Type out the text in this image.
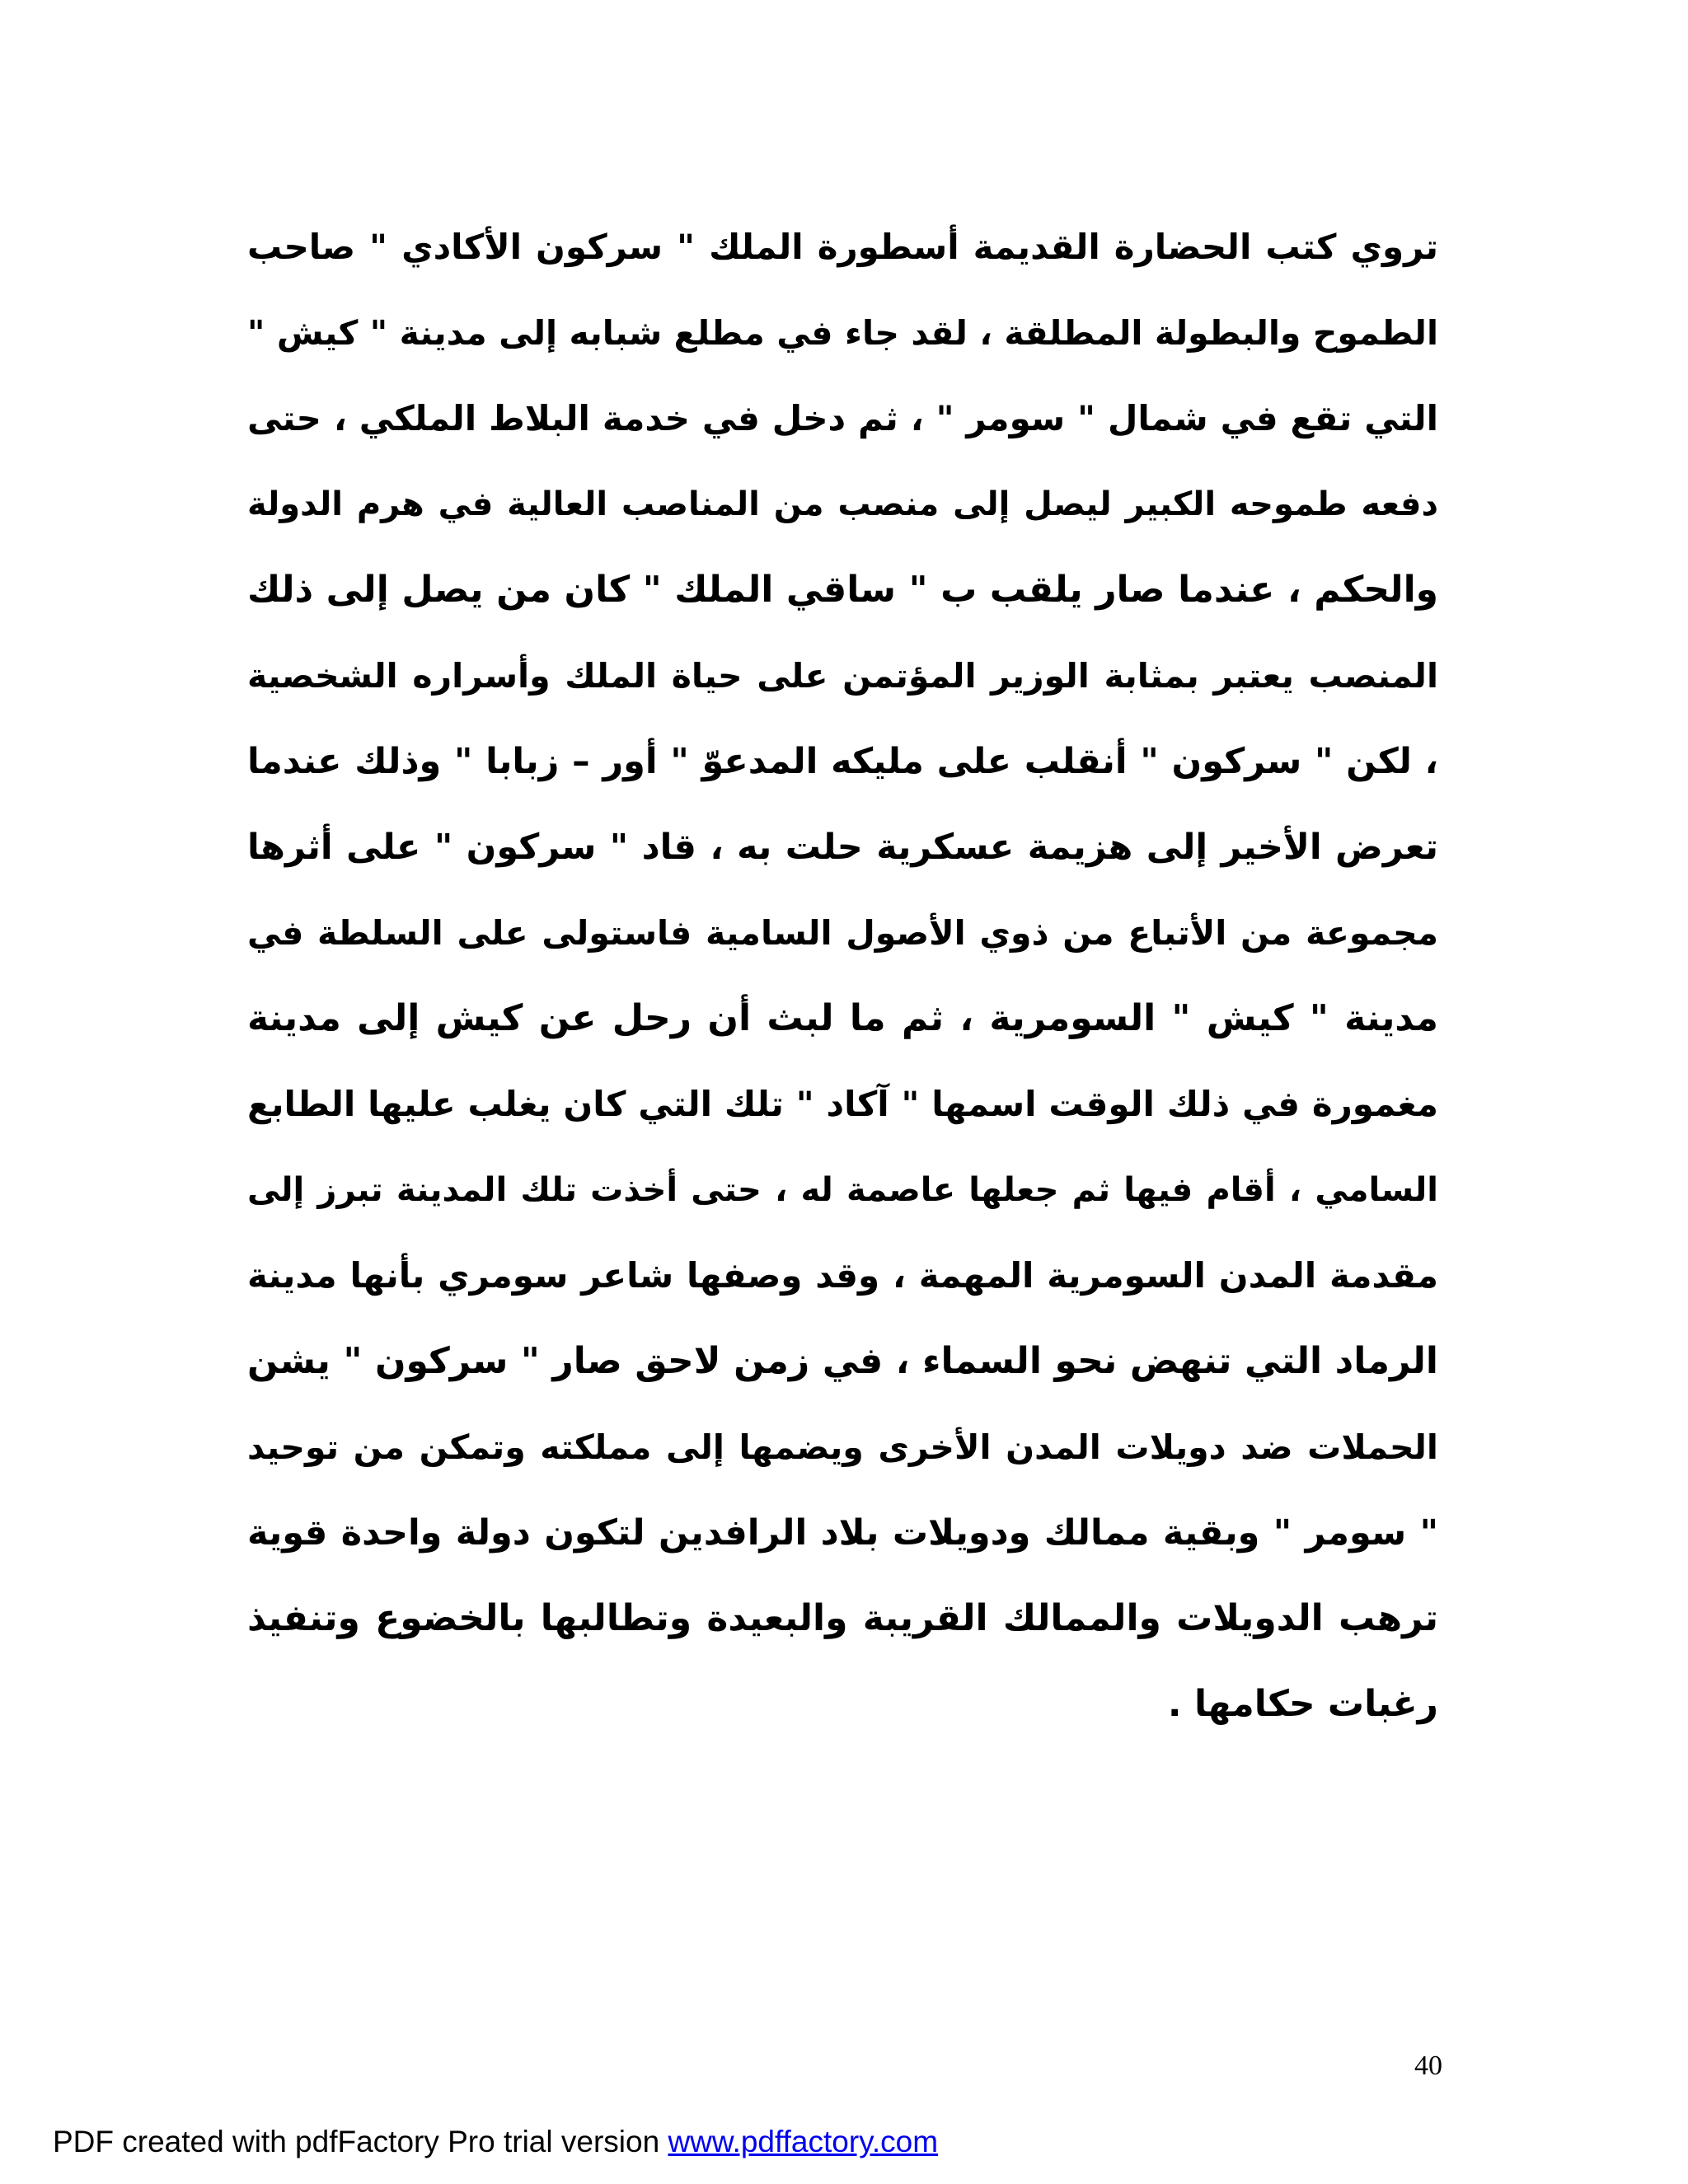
تروي كتب الحضارة القديمة أسطورة الملك " سركون الأكادي " صاحب
الطموح والبطولة المطلقة ، لقد جاء في مطلع شبابه إلى مدينة " كيش "
التي تقع في شمال " سومر " ، ثم دخل في خدمة البلاط الملكي ، حتى
دفعه طموحه الكبير ليصل إلى منصب من المناصب العالية في هرم الدولة
والحكم ، عندما صار يلقب ب " ساقي الملك " كان من يصل إلى ذلك
المنصب يعتبر بمثابة الوزير المؤتمن على حياة الملك وأسراره الشخصية
، لكن " سركون " أنقلب على مليكه المدعوّ " أور – زبابا " وذلك عندما
تعرض الأخير إلى هزيمة عسكرية حلت به ، قاد " سركون " على أثرها
مجموعة من الأتباع من ذوي الأصول السامية فاستولى على السلطة في
مدينة " كيش " السومرية ، ثم ما لبث أن رحل عن كيش إلى مدينة
مغمورة في ذلك الوقت اسمها " آكاد " تلك التي كان يغلب عليها الطابع
السامي ، أقام فيها ثم جعلها عاصمة له ، حتى أخذت تلك المدينة تبرز إلى
مقدمة المدن السومرية المهمة ، وقد وصفها شاعر سومري بأنها مدينة
الرماد التي تنهض نحو السماء ، في زمن لاحق صار " سركون " يشن
الحملات ضد دويلات المدن الأخرى ويضمها إلى مملكته وتمكن من توحيد
" سومر " وبقية ممالك ودويلات بلاد الرافدين لتكون دولة واحدة قوية
ترهب الدويلات والممالك القريبة والبعيدة وتطالبها بالخضوع وتنفيذ
رغبات حكامها .
40
PDF created with pdfFactory Pro trial version www.pdffactory.com
